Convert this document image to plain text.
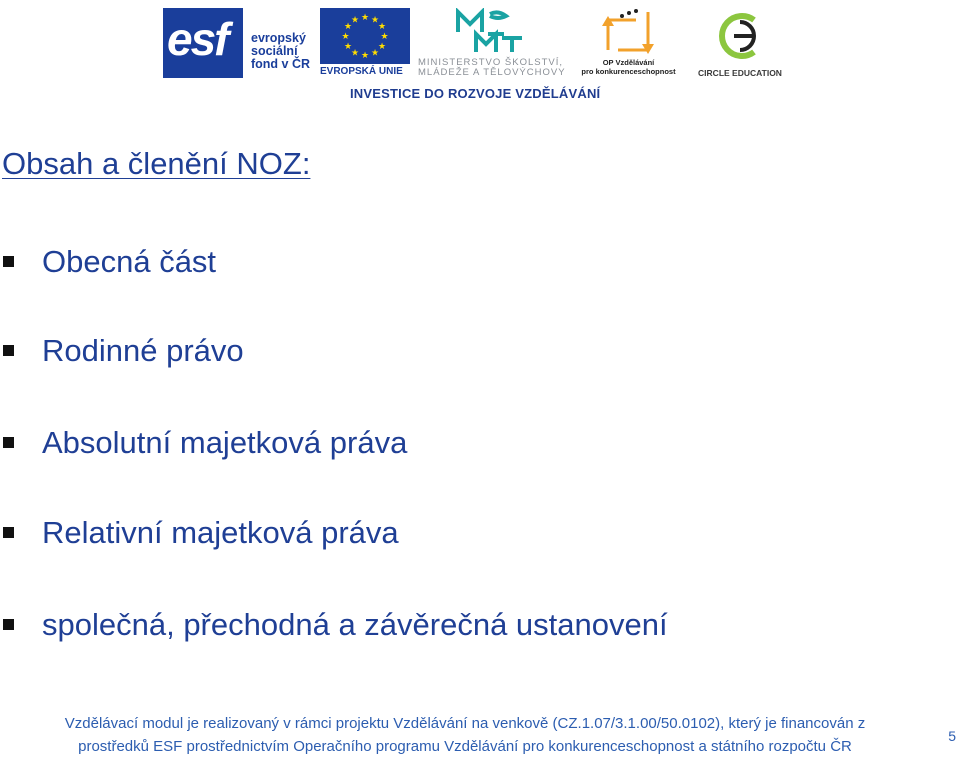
esf evropský
sociální
fond v ČR
★ ★
★
★
★
★
★
★
★
★
★
★
EVROPSKÁ UNIE
MINISTERSTVO ŠKOLSTVÍ,
MLÁDEŽE A TĚLOVÝCHOVY
OP Vzdělávání
pro konkurenceschopnost	CIRCLE EDUCATION
INVESTICE DO ROZVOJE VZDĚLÁVÁNÍ
Obsah a členění NOZ:
Obecná část
Rodinné právo
Absolutní majetková práva
Relativní majetková práva
společná, přechodná a závěrečná ustanovení
Vzdělávací modul je realizovaný v rámci projektu Vzdělávání na venkově (CZ.1.07/3.1.00/50.0102), který je financován z
prostředků ESF prostřednictvím Operačního programu Vzdělávání pro konkurenceschopnost a státního rozpočtu ČR
5
